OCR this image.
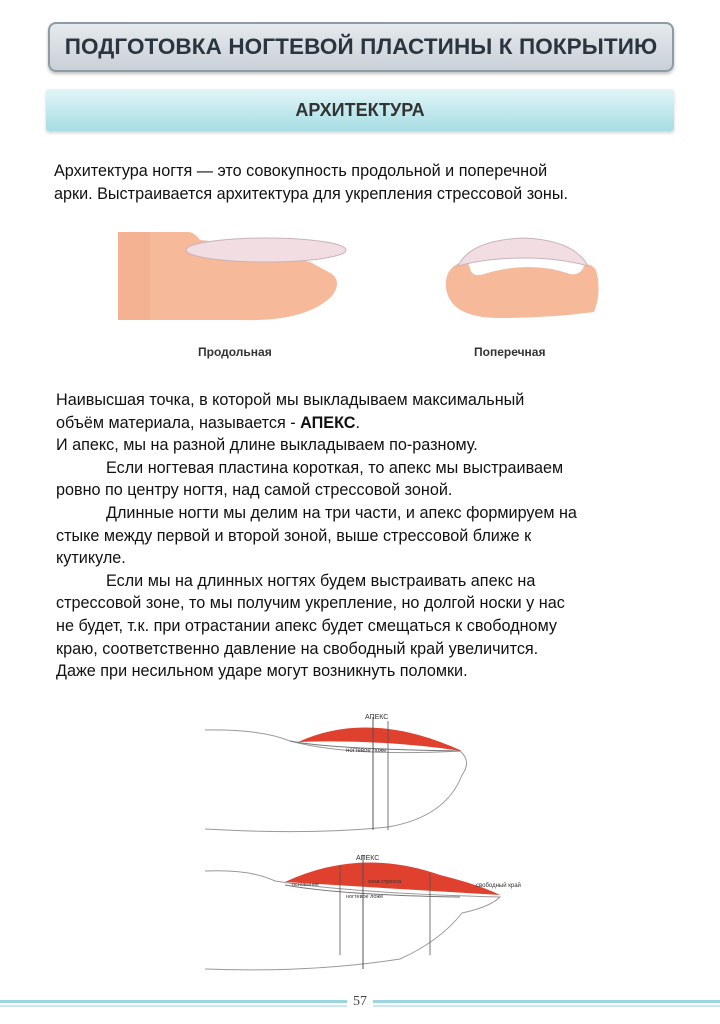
ПОДГОТОВКА НОГТЕВОЙ ПЛАСТИНЫ К ПОКРЫТИЮ
АРХИТЕКТУРА
Архитектура ногтя — это совокупность продольной и поперечной
арки. Выстраивается архитектура для укрепления стрессовой зоны.
Продольная	Поперечная

Наивысшая точка, в которой мы выкладываем максимальный

объём материала, называется - АПЕКС.

И апекс, мы на разной длине выкладываем по-разному.

Если ногтевая пластина короткая, то апекс мы выстраиваем

ровно по центру ногтя, над самой стрессовой зоной.

Длинные ногти мы делим на три части, и апекс формируем на

стыке между первой и второй зоной, выше стрессовой ближе к

кутикуле.

Если мы на длинных ногтях будем выстраивать апекс на

стрессовой зоне, то мы получим укрепление, но долгой носки у нас

не будет, т.к. при отрастании апекс будет смещаться к свободному

краю, соответственно давление на свободный край увеличится.

Даже при несильном ударе могут возникнуть поломки.

АПЕКС
ногтевое ложе
АПЕКС
основание	зона стресса
свободный край
ногтевое ложе
57
